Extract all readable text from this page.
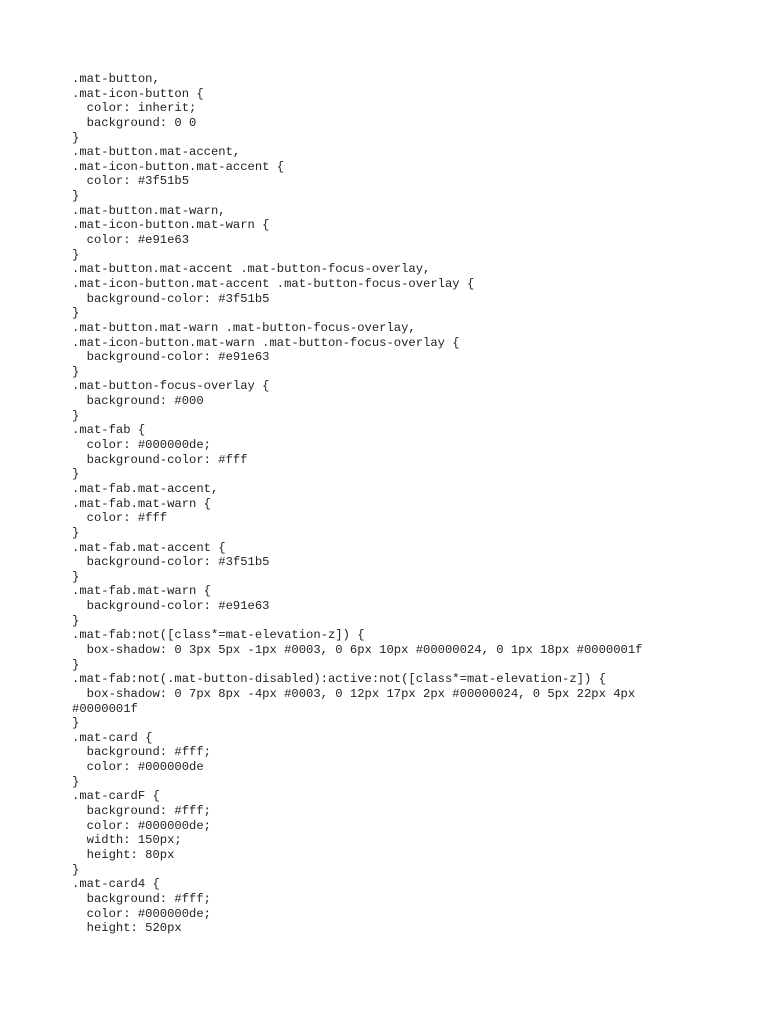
.mat-button,
.mat-icon-button {
color: inherit;
background: 0 0
}
.mat-button.mat-accent,
.mat-icon-button.mat-accent {
color: #3f51b5
}
.mat-button.mat-warn,
.mat-icon-button.mat-warn {
color: #e91e63
}
.mat-button.mat-accent .mat-button-focus-overlay,
.mat-icon-button.mat-accent .mat-button-focus-overlay {
background-color: #3f51b5
}
.mat-button.mat-warn .mat-button-focus-overlay,
.mat-icon-button.mat-warn .mat-button-focus-overlay {
background-color: #e91e63
}
.mat-button-focus-overlay {
background: #000
}
.mat-fab {
color: #000000de;
background-color: #fff
}
.mat-fab.mat-accent,
.mat-fab.mat-warn {
color: #fff
}
.mat-fab.mat-accent {
background-color: #3f51b5
}
.mat-fab.mat-warn {
background-color: #e91e63
}
.mat-fab:not([class*=mat-elevation-z]) {
box-shadow: 0 3px 5px -1px #0003, 0 6px 10px #00000024, 0 1px 18px #0000001f
}
.mat-fab:not(.mat-button-disabled):active:not([class*=mat-elevation-z]) {
box-shadow: 0 7px 8px -4px #0003, 0 12px 17px 2px #00000024, 0 5px 22px 4px
#0000001f
}
.mat-card {
background: #fff;
color: #000000de
}
.mat-cardF {
background: #fff;
color: #000000de;
width: 150px;
height: 80px
}
.mat-card4 {
background: #fff;
color: #000000de;
height: 520px
